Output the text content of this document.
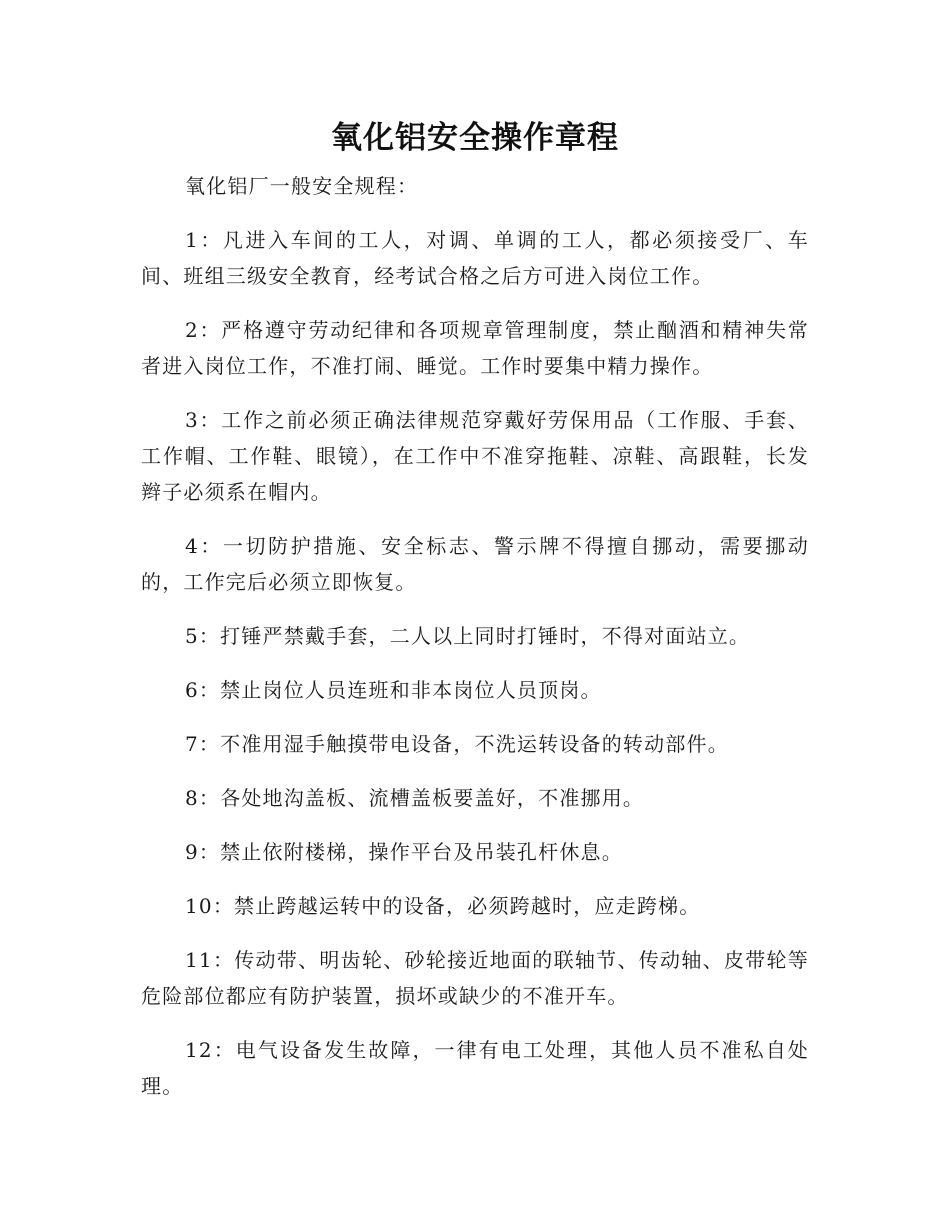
氧化铝安全操作章程

氧化铝厂一般安全规程：

1：凡进入车间的工人，对调、单调的工人，都必须接受厂、车间、班组三级安全教育，经考试合格之后方可进入岗位工作。

2：严格遵守劳动纪律和各项规章管理制度，禁止酗酒和精神失常者进入岗位工作，不准打闹、睡觉。工作时要集中精力操作。

3：工作之前必须正确法律规范穿戴好劳保用品（工作服、手套、工作帽、工作鞋、眼镜），在工作中不准穿拖鞋、凉鞋、高跟鞋，长发辫子必须系在帽内。

4：一切防护措施、安全标志、警示牌不得擅自挪动，需要挪动的，工作完后必须立即恢复。

5：打锤严禁戴手套，二人以上同时打锤时，不得对面站立。

6：禁止岗位人员连班和非本岗位人员顶岗。

7：不准用湿手触摸带电设备，不洗运转设备的转动部件。

8：各处地沟盖板、流槽盖板要盖好，不准挪用。

9：禁止依附楼梯，操作平台及吊装孔杆休息。

10：禁止跨越运转中的设备，必须跨越时，应走跨梯。

11：传动带、明齿轮、砂轮接近地面的联轴节、传动轴、皮带轮等危险部位都应有防护装置，损坏或缺少的不准开车。

12：电气设备发生故障，一律有电工处理，其他人员不准私自处理。
